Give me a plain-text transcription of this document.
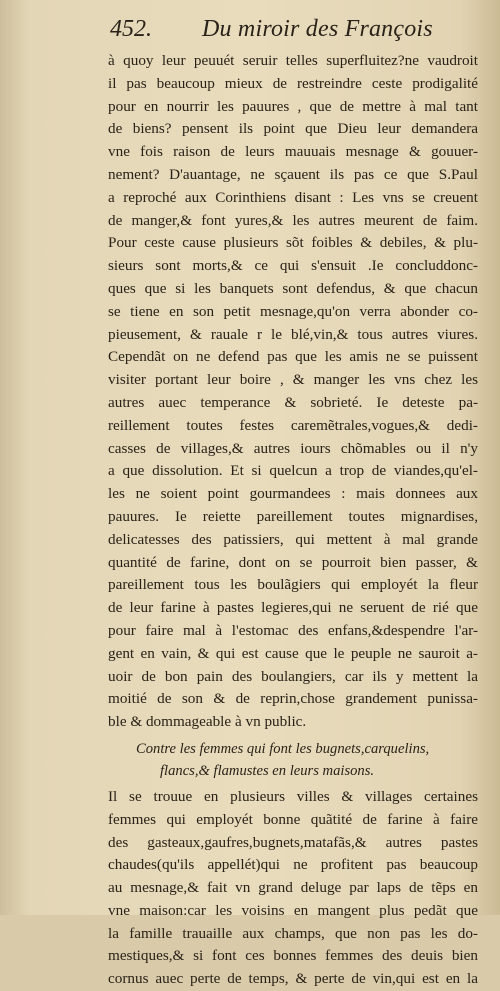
452. Du miroir des François
à quoy leur peuuét seruir telles superfluitez?ne vaudroit
il pas beaucoup mieux de restreindre ceste prodigalité
pour en nourrir les pauures , que de mettre à mal tant
de biens? pensent ils point que Dieu leur demandera
vne fois raison de leurs mauuais mesnage & gouuer-
nement? D'auantage, ne sçauent ils pas ce que S.Paul
a reproché aux Corinthiens disant : Les vns se creuent
de manger,& font yures,& les autres meurent de faim.
Pour ceste cause plusieurs sõt foibles & debiles, & plu-
sieurs sont morts,& ce qui s'ensuit .Ie concluddonc-
ques que si les banquets sont defendus, & que chacun
se tiene en son petit mesnage,qu'on verra abonder co-
pieusement, & rauale r le blé,vin,& tous autres viures.
Cependãt on ne defend pas que les amis ne se puissent
visiter portant leur boire , & manger les vns chez les
autres auec temperance & sobrieté. Ie deteste pa-
reillement toutes festes caremẽtrales,vogues,& dedi-
casses de villages,& autres iours chõmables ou il n'y
a que dissolution. Et si quelcun a trop de viandes,qu'el-
les ne soient point gourmandees : mais donnees aux
pauures. Ie reiette pareillement toutes mignardises,
delicatesses des patissiers, qui mettent à mal grande
quantité de farine, dont on se pourroit bien passer, &
pareillement tous les boulãgiers qui employét la fleur
de leur farine à pastes legieres,qui ne seruent de rié que
pour faire mal à l'estomac des enfans,&despendre l'ar-
gent en vain, & qui est cause que le peuple ne sauroit a-
uoir de bon pain des boulangiers, car ils y mettent la
moitié de son & de reprin,chose grandement punissa-
ble & dommageable à vn public.
Contre les femmes qui font les bugnets,carquelins,
flancs,& flamustes en leurs maisons.
Il se trouue en plusieurs villes & villages certaines
femmes qui employét bonne quãtité de farine à faire
des gasteaux,gaufres,bugnets,matafãs,& autres pastes
chaudes(qu'ils appellét)qui ne profitent pas beaucoup
au mesnage,& fait vn grand deluge par laps de tẽps en
vne maison:car les voisins en mangent plus pedãt que
la famille trauaille aux champs, que non pas les do-
mestiques,& si font ces bonnes femmes des deuis bien
cornus auec perte de temps, & perte de vin,qui est en la
